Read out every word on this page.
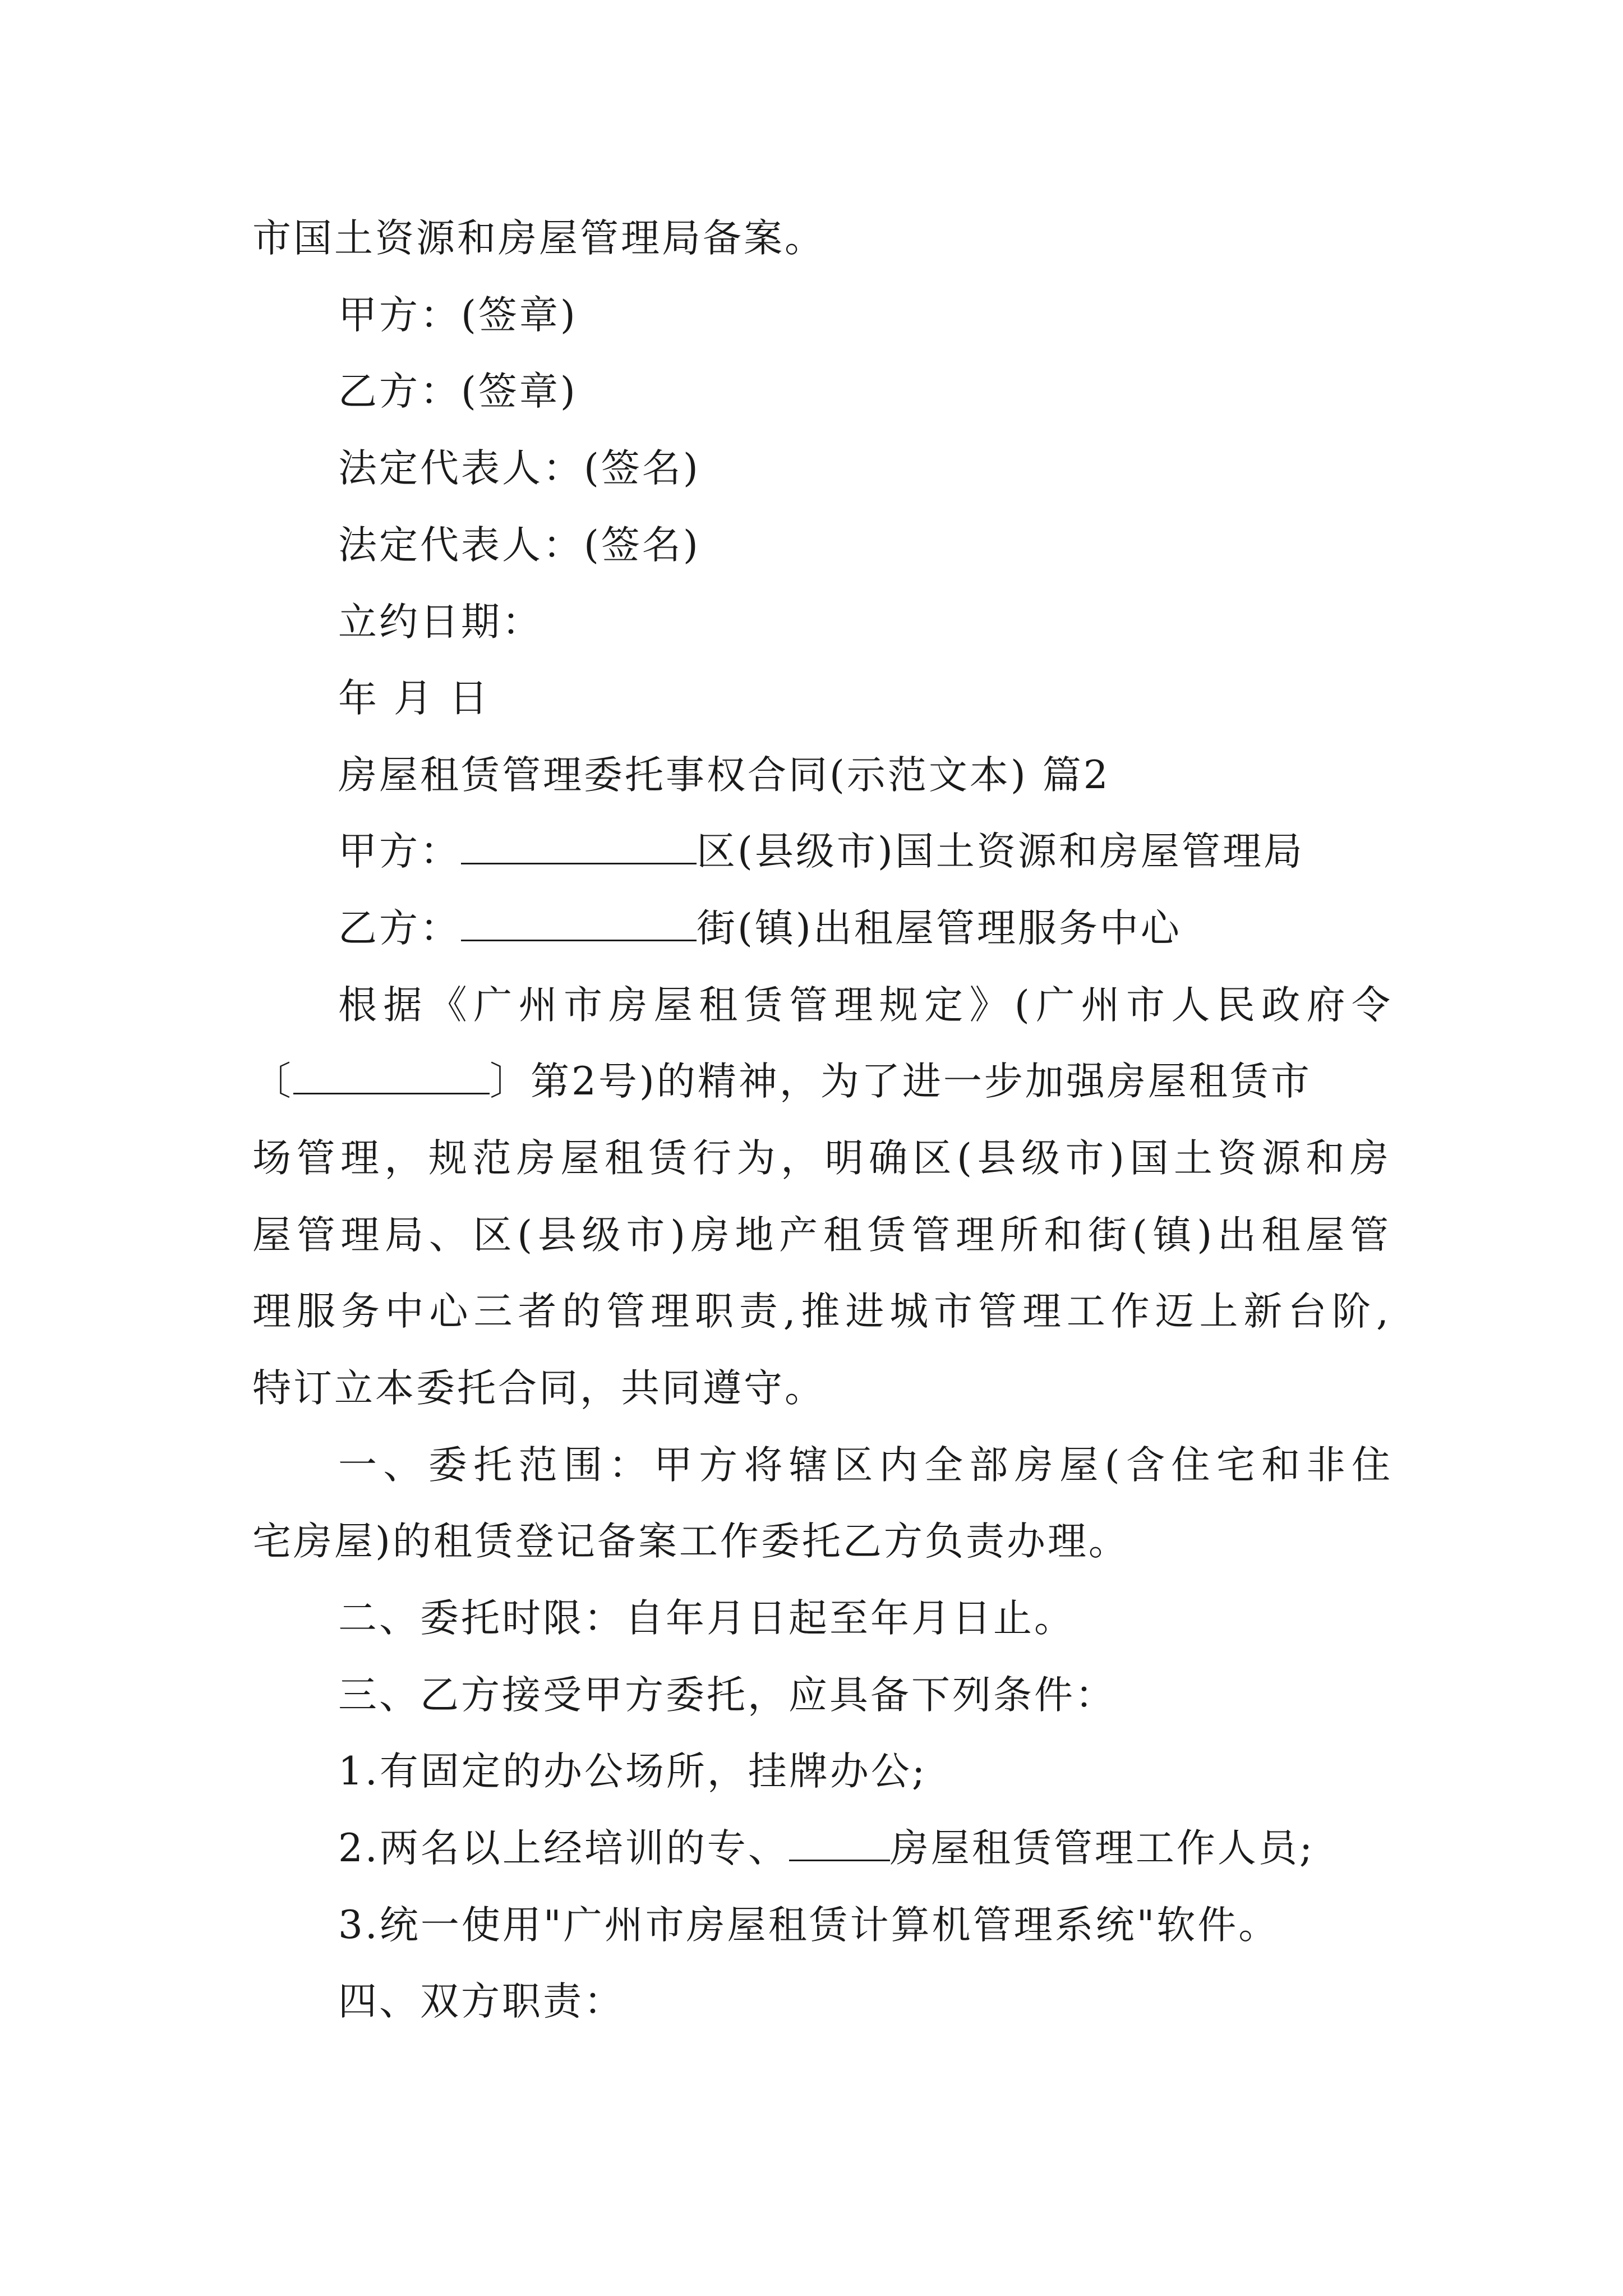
市国土资源和房屋管理局备案。
甲方：(签章)
乙方：(签章)
法定代表人：(签名)
法定代表人：(签名)
立约日期：
年 月 日
房屋租赁管理委托事权合同(示范文本) 篇2
甲方：	区(县级市)国土资源和房屋管理局
乙方：	街(镇)出租屋管理服务中心
根据《广州市房屋租赁管理规定》(广州市人民政府令
〔	〕第2号)的精神，为了进一步加强房屋租赁市
场管理，规范房屋租赁行为，明确区(县级市)国土资源和房
屋管理局、区(县级市)房地产租赁管理所和街(镇)出租屋管
理服务中心三者的管理职责,推进城市管理工作迈上新台阶,
特订立本委托合同，共同遵守。
一、委托范围：甲方将辖区内全部房屋(含住宅和非住
宅房屋)的租赁登记备案工作委托乙方负责办理。
二、委托时限：自年月日起至年月日止。
三、乙方接受甲方委托，应具备下列条件：
1.有固定的办公场所，挂牌办公;
2.两名以上经培训的专、	房屋租赁管理工作人员;
3.统一使用"广州市房屋租赁计算机管理系统"软件。
四、双方职责：
